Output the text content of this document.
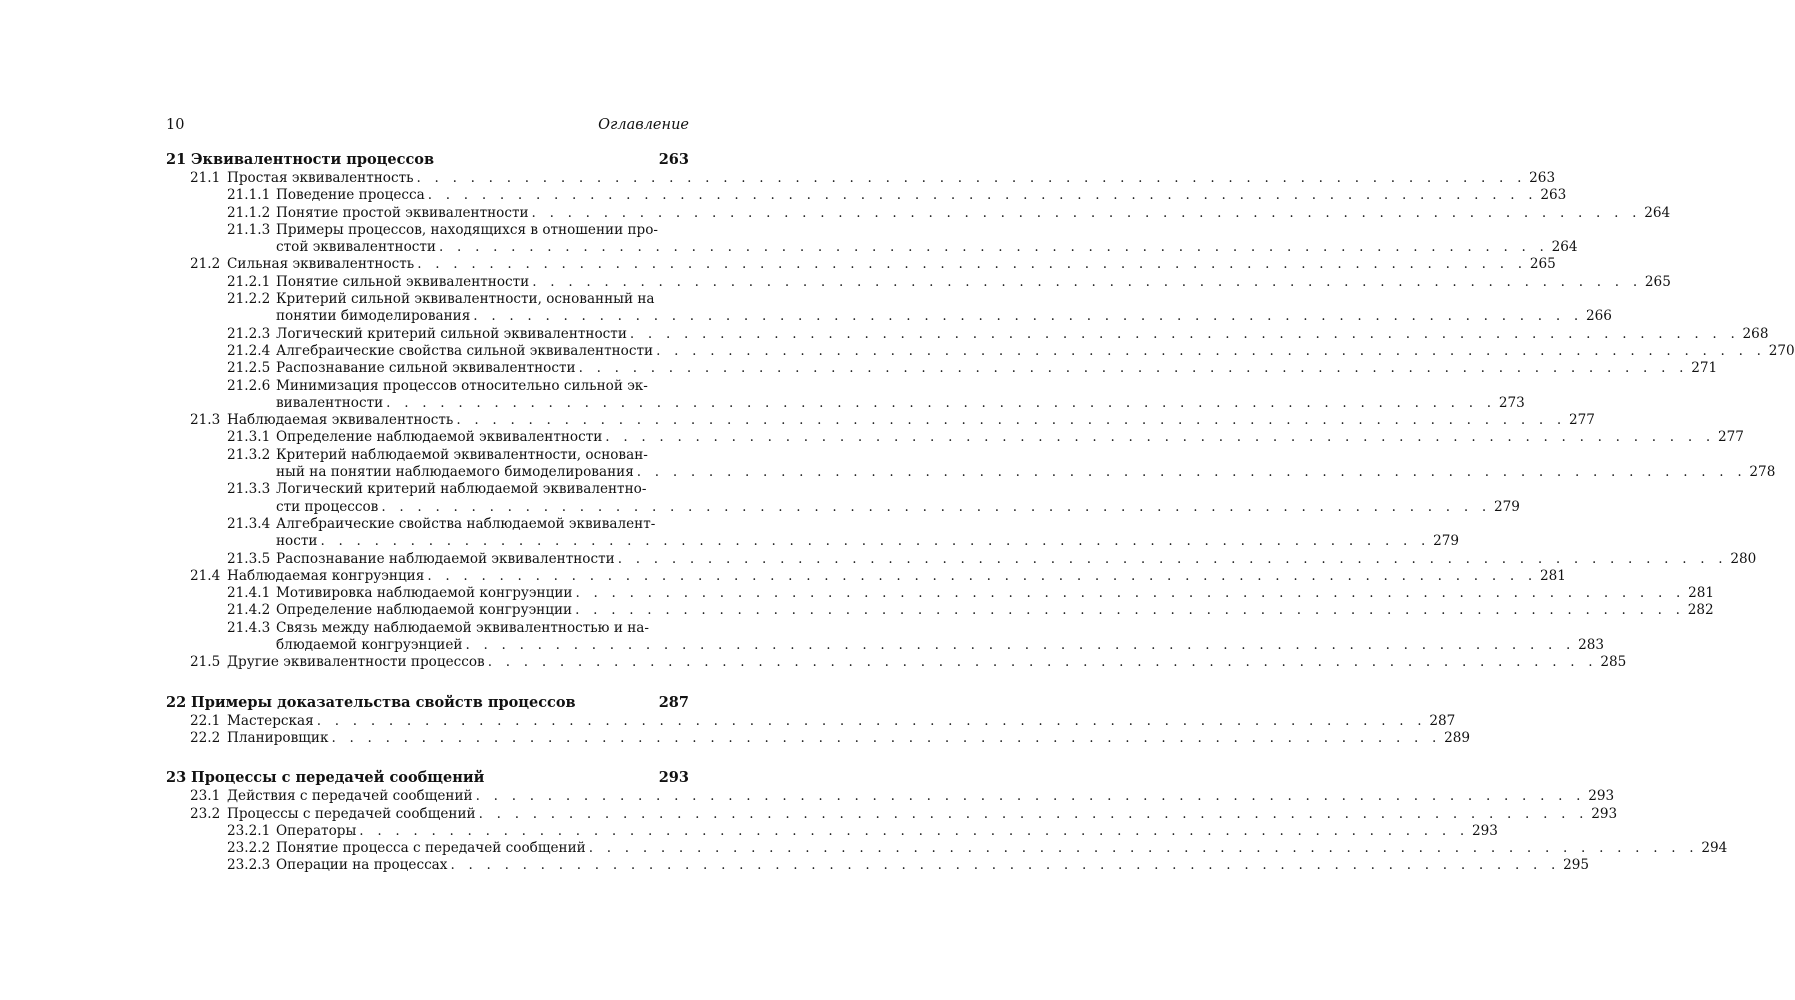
10	Оглавление
21 Эквивалентности процессов	263
21.1 Простая эквивалентность . . .	263
21.1.1 Поведение процесса . . .	263
21.1.2 Понятие простой эквивалентности . . .	264
21.1.3 Примеры процессов, находящихся в отношении про-
стой эквивалентности . . .	264
21.2 Сильная эквивалентность . . .	265
21.2.1 Понятие сильной эквивалентности . . .	265
21.2.2 Критерий сильной эквивалентности, основанный на
понятии бимоделирования . . .	266
21.2.3 Логический критерий сильной эквивалентности . . .	268
21.2.4 Алгебраические свойства сильной эквивалентности . . .	270
21.2.5 Распознавание сильной эквивалентности . . .	271
21.2.6 Минимизация процессов относительно сильной эк-
вивалентности . . .	273
21.3 Наблюдаемая эквивалентность . . .	277
21.3.1 Определение наблюдаемой эквивалентности . . .	277
21.3.2 Критерий наблюдаемой эквивалентности, основан-
ный на понятии наблюдаемого бимоделирования . . .	278
21.3.3 Логический критерий наблюдаемой эквивалентно-
сти процессов . . .	279
21.3.4 Алгебраические свойства наблюдаемой эквивалент-
ности . . .	279
21.3.5 Распознавание наблюдаемой эквивалентности . . .	280
21.4 Наблюдаемая конгруэнция . . .	281
21.4.1 Мотивировка наблюдаемой конгруэнции . . .	281
21.4.2 Определение наблюдаемой конгруэнции . . .	282
21.4.3 Связь между наблюдаемой эквивалентностью и на-
блюдаемой конгруэнцией . . .	283
21.5 Другие эквивалентности процессов . . .	285
22 Примеры доказательства свойств процессов	287
22.1 Мастерская . . .	287
22.2 Планировщик . . .	289
23 Процессы с передачей сообщений	293
23.1 Действия с передачей сообщений . . .	293
23.2 Процессы с передачей сообщений . . .	293
23.2.1 Операторы . . .	293
23.2.2 Понятие процесса с передачей сообщений . . .	294
23.2.3 Операции на процессах . . .	295
